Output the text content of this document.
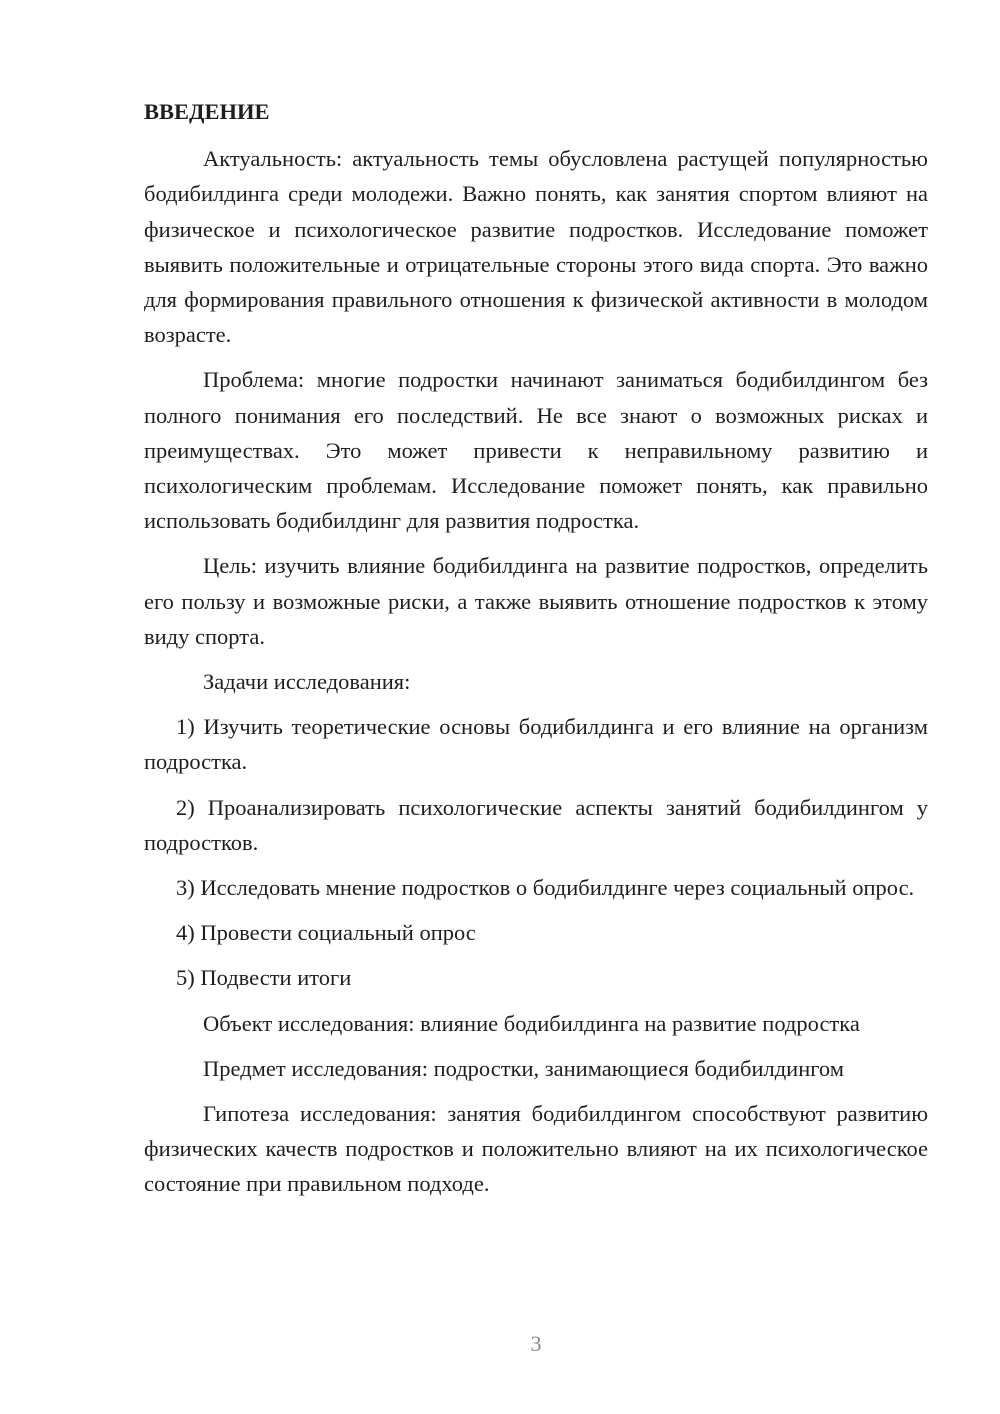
ВВЕДЕНИЕ

Актуальность: актуальность темы обусловлена растущей популярностью бодибилдинга среди молодежи. Важно понять, как занятия спортом влияют на физическое и психологическое развитие подростков. Исследование поможет выявить положительные и отрицательные стороны этого вида спорта. Это важно для формирования правильного отношения к физической активности в молодом возрасте.

Проблема: многие подростки начинают заниматься бодибилдингом без полного понимания его последствий. Не все знают о возможных рисках и преимуществах. Это может привести к неправильному развитию и психологическим проблемам. Исследование поможет понять, как правильно использовать бодибилдинг для развития подростка.

Цель: изучить влияние бодибилдинга на развитие подростков, определить его пользу и возможные риски, а также выявить отношение подростков к этому виду спорта.

Задачи исследования:

1) Изучить теоретические основы бодибилдинга и его влияние на организм подростка.

2) Проанализировать психологические аспекты занятий бодибилдингом у подростков.

3) Исследовать мнение подростков о бодибилдинге через социальный опрос.

4) Провести социальный опрос

5) Подвести итоги

Объект исследования: влияние бодибилдинга на развитие подростка

Предмет исследования: подростки, занимающиеся бодибилдингом

Гипотеза исследования: занятия бодибилдингом способствуют развитию физических качеств подростков и положительно влияют на их психологическое состояние при правильном подходе.

3
